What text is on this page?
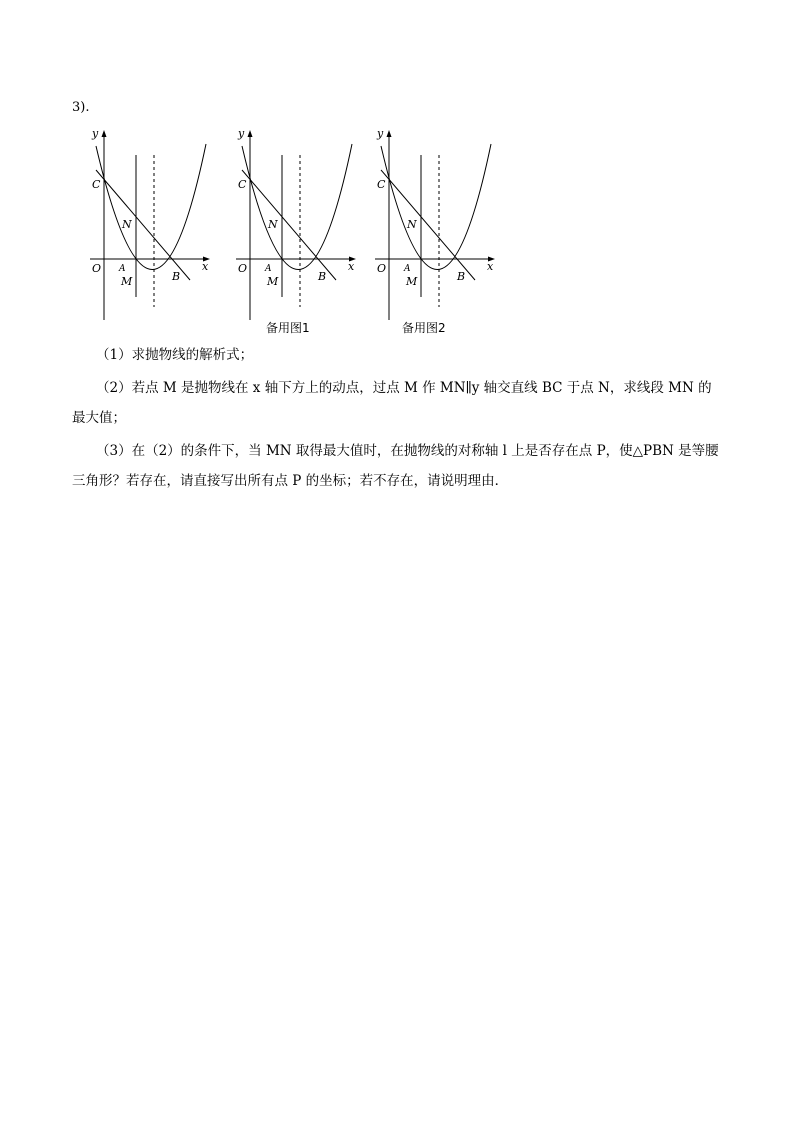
3).
y
x
O
C
N
A
M	B
y
x
O
C
N
A
M	B
y
x
O
C
N
A
M	B
备用图1	备用图2
（1）求抛物线的解析式；
（2）若点 M 是抛物线在 x 轴下方上的动点，过点 M 作 MN∥y 轴交直线 BC 于点 N，求线段 MN 的最大值；
（3）在（2）的条件下，当 MN 取得最大值时，在抛物线的对称轴 l 上是否存在点 P，使△PBN 是等腰三角形？若存在，请直接写出所有点 P 的坐标；若不存在，请说明理由．
